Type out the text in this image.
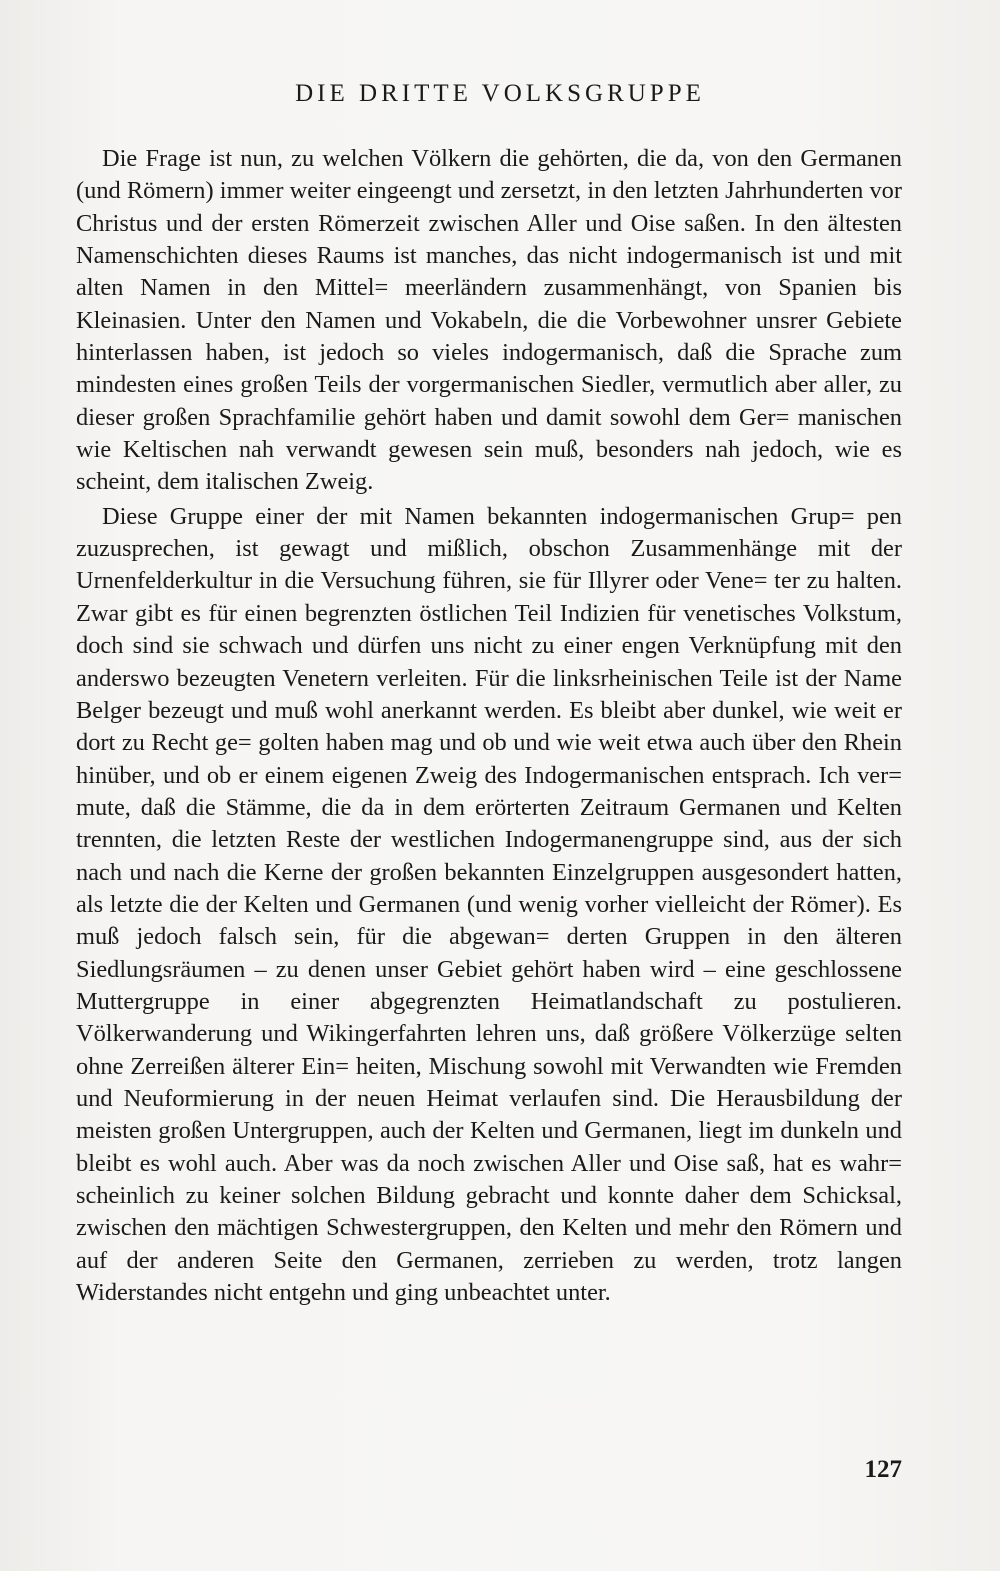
DIE DRITTE VOLKSGRUPPE

Die Frage ist nun, zu welchen Völkern die gehörten, die da, von den Germanen (und Römern) immer weiter eingeengt und zersetzt, in den letzten Jahrhunderten vor Christus und der ersten Römerzeit zwischen Aller und Oise saßen. In den ältesten Namenschichten dieses Raums ist manches, das nicht indogermanisch ist und mit alten Namen in den Mittel= meerländern zusammenhängt, von Spanien bis Kleinasien. Unter den Namen und Vokabeln, die die Vorbewohner unsrer Gebiete hinterlassen haben, ist jedoch so vieles indogermanisch, daß die Sprache zum mindesten eines großen Teils der vorgermanischen Siedler, vermutlich aber aller, zu dieser großen Sprachfamilie gehört haben und damit sowohl dem Ger= manischen wie Keltischen nah verwandt gewesen sein muß, besonders nah jedoch, wie es scheint, dem italischen Zweig.

Diese Gruppe einer der mit Namen bekannten indogermanischen Grup= pen zuzusprechen, ist gewagt und mißlich, obschon Zusammenhänge mit der Urnenfelderkultur in die Versuchung führen, sie für Illyrer oder Vene= ter zu halten. Zwar gibt es für einen begrenzten östlichen Teil Indizien für venetisches Volkstum, doch sind sie schwach und dürfen uns nicht zu einer engen Verknüpfung mit den anderswo bezeugten Venetern verleiten. Für die linksrheinischen Teile ist der Name Belger bezeugt und muß wohl anerkannt werden. Es bleibt aber dunkel, wie weit er dort zu Recht ge= golten haben mag und ob und wie weit etwa auch über den Rhein hinüber, und ob er einem eigenen Zweig des Indogermanischen entsprach. Ich ver= mute, daß die Stämme, die da in dem erörterten Zeitraum Germanen und Kelten trennten, die letzten Reste der westlichen Indogermanengruppe sind, aus der sich nach und nach die Kerne der großen bekannten Einzelgruppen ausgesondert hatten, als letzte die der Kelten und Germanen (und wenig vorher vielleicht der Römer). Es muß jedoch falsch sein, für die abgewan= derten Gruppen in den älteren Siedlungsräumen – zu denen unser Gebiet gehört haben wird – eine geschlossene Muttergruppe in einer abgegrenzten Heimatlandschaft zu postulieren. Völkerwanderung und Wikingerfahrten lehren uns, daß größere Völkerzüge selten ohne Zerreißen älterer Ein= heiten, Mischung sowohl mit Verwandten wie Fremden und Neuformierung in der neuen Heimat verlaufen sind. Die Herausbildung der meisten großen Untergruppen, auch der Kelten und Germanen, liegt im dunkeln und bleibt es wohl auch. Aber was da noch zwischen Aller und Oise saß, hat es wahr= scheinlich zu keiner solchen Bildung gebracht und konnte daher dem Schicksal, zwischen den mächtigen Schwestergruppen, den Kelten und mehr den Römern und auf der anderen Seite den Germanen, zerrieben zu werden, trotz langen Widerstandes nicht entgehn und ging unbeachtet unter.

127
